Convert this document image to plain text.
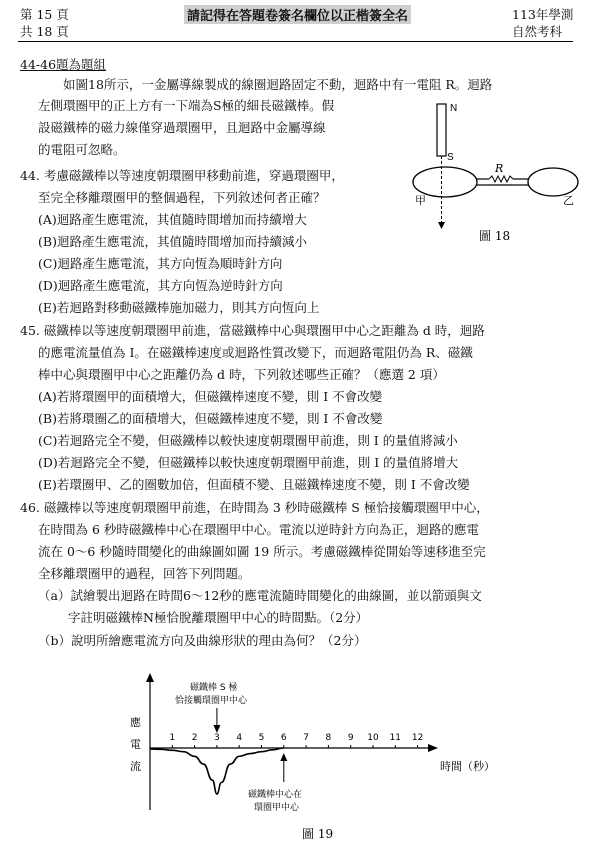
第 15 頁
共 18 頁
請記得在答題卷簽名欄位以正楷簽全名	113年學測
自然考科
44-46題為題組
如圖18所示，一金屬導線製成的線圈迴路固定不動，迴路中有一電阻 R。迴路
左側環圈甲的正上方有一下端為S極的細長磁鐵棒。假
設磁鐵棒的磁力線僅穿過環圈甲，且迴路中金屬導線
的電阻可忽略。
N
S
R
甲	乙
圖 18
44. 考慮磁鐵棒以等速度朝環圈甲移動前進，穿過環圈甲，
至完全移離環圈甲的整個過程，下列敘述何者正確？
(A)迴路產生應電流，其值隨時間增加而持續增大
(B)迴路產生應電流，其值隨時間增加而持續減小
(C)迴路產生應電流，其方向恆為順時針方向
(D)迴路產生應電流，其方向恆為逆時針方向
(E)若迴路對移動磁鐵棒施加磁力，則其方向恆向上
45. 磁鐵棒以等速度朝環圈甲前進，當磁鐵棒中心與環圈甲中心之距離為 d 時，迴路
的應電流量值為 I。在磁鐵棒速度或迴路性質改變下，而迴路電阻仍為 R、磁鐵
棒中心與環圈甲中心之距離仍為 d 時，下列敘述哪些正確？（應選 2 項）
(A)若將環圈甲的面積增大，但磁鐵棒速度不變，則 I 不會改變
(B)若將環圈乙的面積增大，但磁鐵棒速度不變，則 I 不會改變
(C)若迴路完全不變，但磁鐵棒以較快速度朝環圈甲前進，則 I 的量值將減小
(D)若迴路完全不變，但磁鐵棒以較快速度朝環圈甲前進，則 I 的量值將增大
(E)若環圈甲、乙的圈數加倍，但面積不變、且磁鐵棒速度不變，則 I 不會改變
46. 磁鐵棒以等速度朝環圈甲前進，在時間為 3 秒時磁鐵棒 S 極恰接觸環圈甲中心，
在時間為 6 秒時磁鐵棒中心在環圈甲中心。電流以逆時針方向為正，迴路的應電
流在 0～6 秒隨時間變化的曲線圖如圖 19 所示。考慮磁鐵棒從開始等速移進至完
全移離環圈甲的過程，回答下列問題。
（a）試繪製出迴路在時間6～12秒的應電流隨時間變化的曲線圖，並以箭頭與文
字註明磁鐵棒N極恰脫離環圈甲中心的時間點。（2分）
（b）說明所繪應電流方向及曲線形狀的理由為何？（2分）
1 2 3 4 5 6 7 8 9 10 11 12
應
電
流	時間（秒）
磁鐵棒 S 極
恰接觸環圈甲中心
磁鐵棒中心在
環圈甲中心
圖 19
